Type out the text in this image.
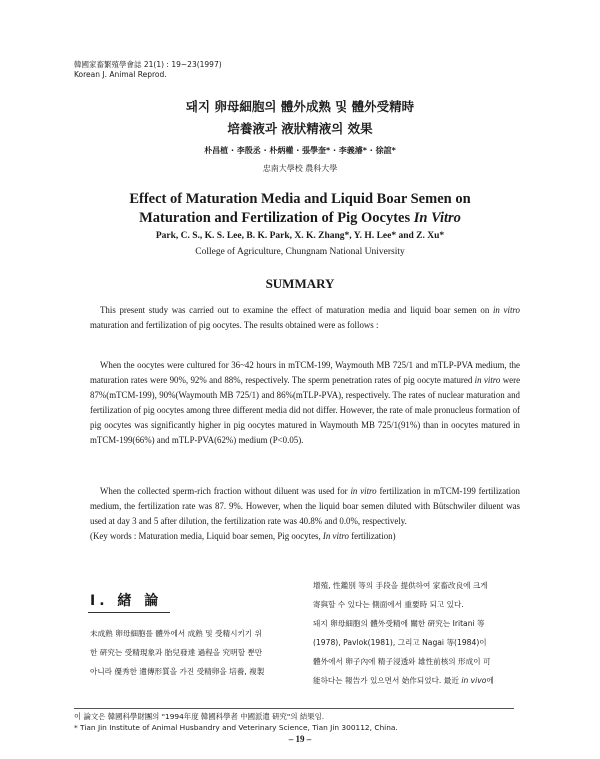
韓國家畜繁殖學會誌 21(1) : 19~23(1997)
Korean J. Animal Reprod.
돼지 卵母細胞의 體外成熟 및 體外受精時
培養液과 液狀精液의 效果
朴昌植 · 李殷丞 · 朴炳權 · 張學奎* · 李義濬* · 徐誼*
忠南大學校 農科大學
Effect of Maturation Media and Liquid Boar Semen on
Maturation and Fertilization of Pig Oocytes In Vitro
Park, C. S., K. S. Lee, B. K. Park, X. K. Zhang*, Y. H. Lee* and Z. Xu*
College of Agriculture, Chungnam National University
SUMMARY

This present study was carried out to examine the effect of maturation media and liquid boar semen on in vitro maturation and fertilization of pig oocytes. The results obtained were as follows :

When the oocytes were cultured for 36~42 hours in mTCM-199, Waymouth MB 725/1 and mTLP-PVA medium, the maturation rates were 90%, 92% and 88%, respectively. The sperm penetration rates of pig oocyte matured in vitro were 87%(mTCM-199), 90%(Waymouth MB 725/1) and 86%(mTLP-PVA), respectively. The rates of nuclear maturation and fertilization of pig oocytes among three different media did not differ. However, the rate of male pronucleus formation of pig oocytes was significantly higher in pig oocytes matured in Waymouth MB 725/1(91%) than in oocytes matured in mTCM-199(66%) and mTLP-PVA(62%) medium (P<0.05).

When the collected sperm-rich fraction without diluent was used for in vitro fertilization in mTCM-199 fertilization medium, the fertilization rate was 87. 9%. However, when the liquid boar semen diluted with Bütschwiler diluent was used at day 3 and 5 after dilution, the fertilization rate was 40.8% and 0.0%, respectively.

(Key words : Maturation media, Liquid boar semen, Pig oocytes, In vitro fertilization)
I. 緖 論
未成熟 卵母細胞를 體外에서 成熟 및 受精시키기 위
한 硏究는 受精現象과 胎兒發達 過程을 究明할 뿐만
아니라 優秀한 遺傳形質을 가진 受精卵을 培養, 複製
增殖, 性鑑別 等의 手段을 提供하여 家畜改良에 크게
寄與할 수 있다는 側面에서 重要時 되고 있다.
돼지 卵母細胞의 體外受精에 關한 硏究는 Iritani 等
(1978), Pavlok(1981), 그리고 Nagai 等(1984)이
體外에서 卵子內에 精子浸透와 雄性前核의 形成이 可
能하다는 報告가 있으면서 始作되었다. 最近 in vivo에
이 論文은 韓國科學財團의 "1994年度 韓國科學者 中國派遣 硏究"의 結果임.
* Tian Jin Institute of Animal Husbandry and Veterinary Science, Tian Jin 300112, China.
– 19 –
